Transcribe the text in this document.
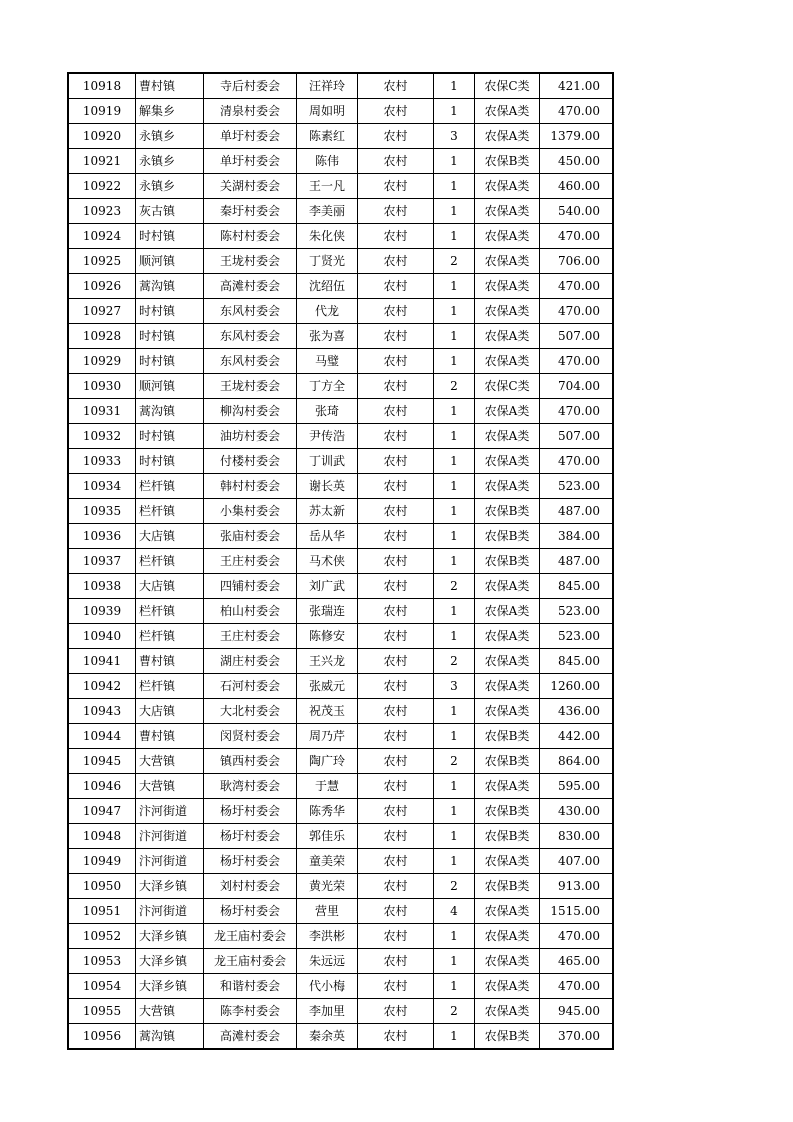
10918	曹村镇	寺后村委会	汪祥玲	农村	1	农保C类	421.00
10919	解集乡	清泉村委会	周如明	农村	1	农保A类	470.00
10920	永镇乡	单圩村委会	陈素红	农村	3	农保A类	1379.00
10921	永镇乡	单圩村委会	陈伟	农村	1	农保B类	450.00
10922	永镇乡	关湖村委会	王一凡	农村	1	农保A类	460.00
10923	灰古镇	秦圩村委会	李美丽	农村	1	农保A类	540.00
10924	时村镇	陈村村委会	朱化侠	农村	1	农保A类	470.00
10925	顺河镇	王垅村委会	丁贤光	农村	2	农保A类	706.00
10926	蒿沟镇	高滩村委会	沈绍伍	农村	1	农保A类	470.00
10927	时村镇	东风村委会	代龙	农村	1	农保A类	470.00
10928	时村镇	东风村委会	张为喜	农村	1	农保A类	507.00
10929	时村镇	东风村委会	马璧	农村	1	农保A类	470.00
10930	顺河镇	王垅村委会	丁方全	农村	2	农保C类	704.00
10931	蒿沟镇	柳沟村委会	张琦	农村	1	农保A类	470.00
10932	时村镇	油坊村委会	尹传浩	农村	1	农保A类	507.00
10933	时村镇	付楼村委会	丁训武	农村	1	农保A类	470.00
10934	栏杆镇	韩村村委会	谢长英	农村	1	农保A类	523.00
10935	栏杆镇	小集村委会	苏太新	农村	1	农保B类	487.00
10936	大店镇	张庙村委会	岳从华	农村	1	农保B类	384.00
10937	栏杆镇	王庄村委会	马术侠	农村	1	农保B类	487.00
10938	大店镇	四铺村委会	刘广武	农村	2	农保A类	845.00
10939	栏杆镇	柏山村委会	张瑞连	农村	1	农保A类	523.00
10940	栏杆镇	王庄村委会	陈修安	农村	1	农保A类	523.00
10941	曹村镇	湖庄村委会	王兴龙	农村	2	农保A类	845.00
10942	栏杆镇	石河村委会	张威元	农村	3	农保A类	1260.00
10943	大店镇	大北村委会	祝茂玉	农村	1	农保A类	436.00
10944	曹村镇	闵贤村委会	周乃芹	农村	1	农保B类	442.00
10945	大营镇	镇西村委会	陶广玲	农村	2	农保B类	864.00
10946	大营镇	耿湾村委会	于慧	农村	1	农保A类	595.00
10947	汴河街道	杨圩村委会	陈秀华	农村	1	农保B类	430.00
10948	汴河街道	杨圩村委会	郭佳乐	农村	1	农保B类	830.00
10949	汴河街道	杨圩村委会	童美荣	农村	1	农保A类	407.00
10950	大泽乡镇	刘村村委会	黄光荣	农村	2	农保B类	913.00
10951	汴河街道	杨圩村委会	营里	农村	4	农保A类	1515.00
10952	大泽乡镇	龙王庙村委会	李洪彬	农村	1	农保A类	470.00
10953	大泽乡镇	龙王庙村委会	朱远远	农村	1	农保A类	465.00
10954	大泽乡镇	和谐村委会	代小梅	农村	1	农保A类	470.00
10955	大营镇	陈李村委会	李加里	农村	2	农保A类	945.00
10956	蒿沟镇	高滩村委会	秦余英	农村	1	农保B类	370.00
